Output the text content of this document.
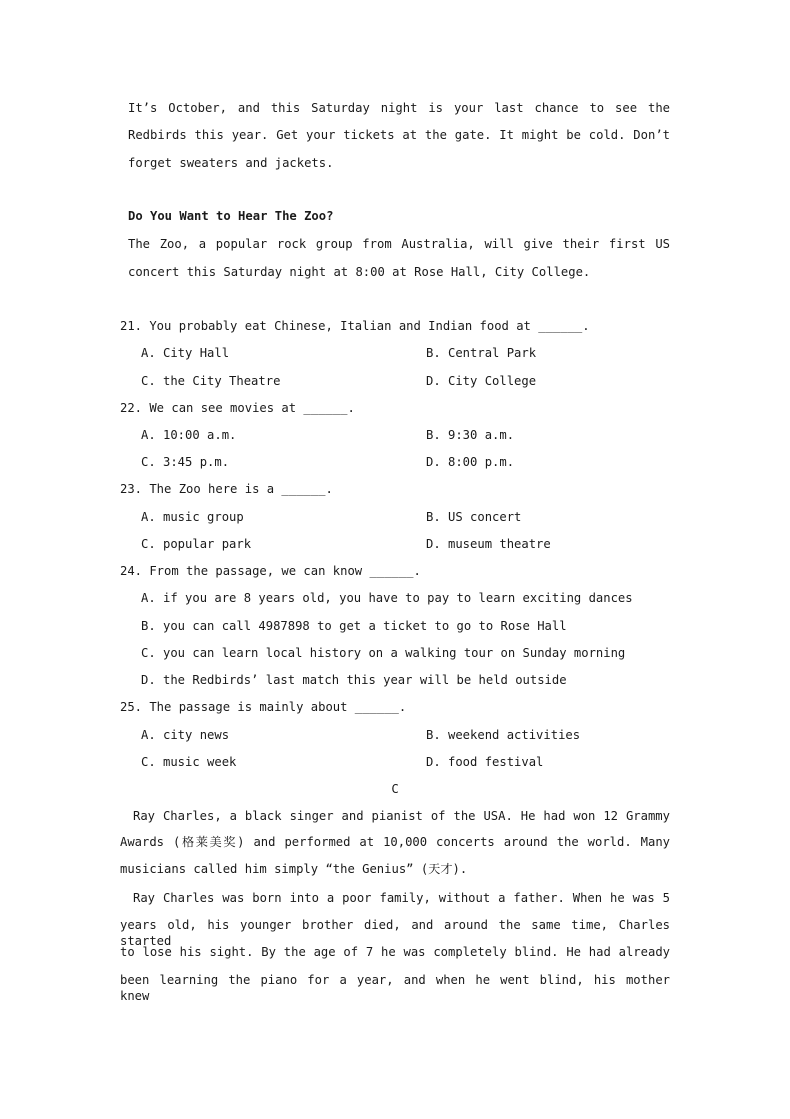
It’s October, and this Saturday night is your last chance to see the
Redbirds this year. Get your tickets at the gate. It might be cold. Don’t
forget sweaters and jackets.
Do You Want to Hear The Zoo?
The Zoo, a popular rock group from Australia, will give their first US
concert this Saturday night at 8:00 at Rose Hall, City College.
21. You probably eat Chinese, Italian and Indian food at ______.
A. City Hall	B. Central Park
C. the City Theatre	D. City College
22. We can see movies at ______.
A. 10:00 a.m.	B. 9:30 a.m.
C. 3:45 p.m.	D. 8:00 p.m.
23. The Zoo here is a ______.
A. music group	B. US concert
C. popular park	D. museum theatre
24. From the passage, we can know ______.
A. if you are 8 years old, you have to pay to learn exciting dances
B. you can call 4987898 to get a ticket to go to Rose Hall
C. you can learn local history on a walking tour on Sunday morning
D. the Redbirds’ last match this year will be held outside
25. The passage is mainly about ______.
A. city news	B. weekend activities
C. music week	D. food festival
C
Ray Charles, a black singer and pianist of the USA. He had won 12 Grammy
Awards (格莱美奖) and performed at 10,000 concerts around the world. Many
musicians called him simply “the Genius” (天才).
Ray Charles was born into a poor family, without a father. When he was 5
years old, his younger brother died, and around the same time, Charles started
to lose his sight. By the age of 7 he was completely blind. He had already
been learning the piano for a year, and when he went blind, his mother knew
